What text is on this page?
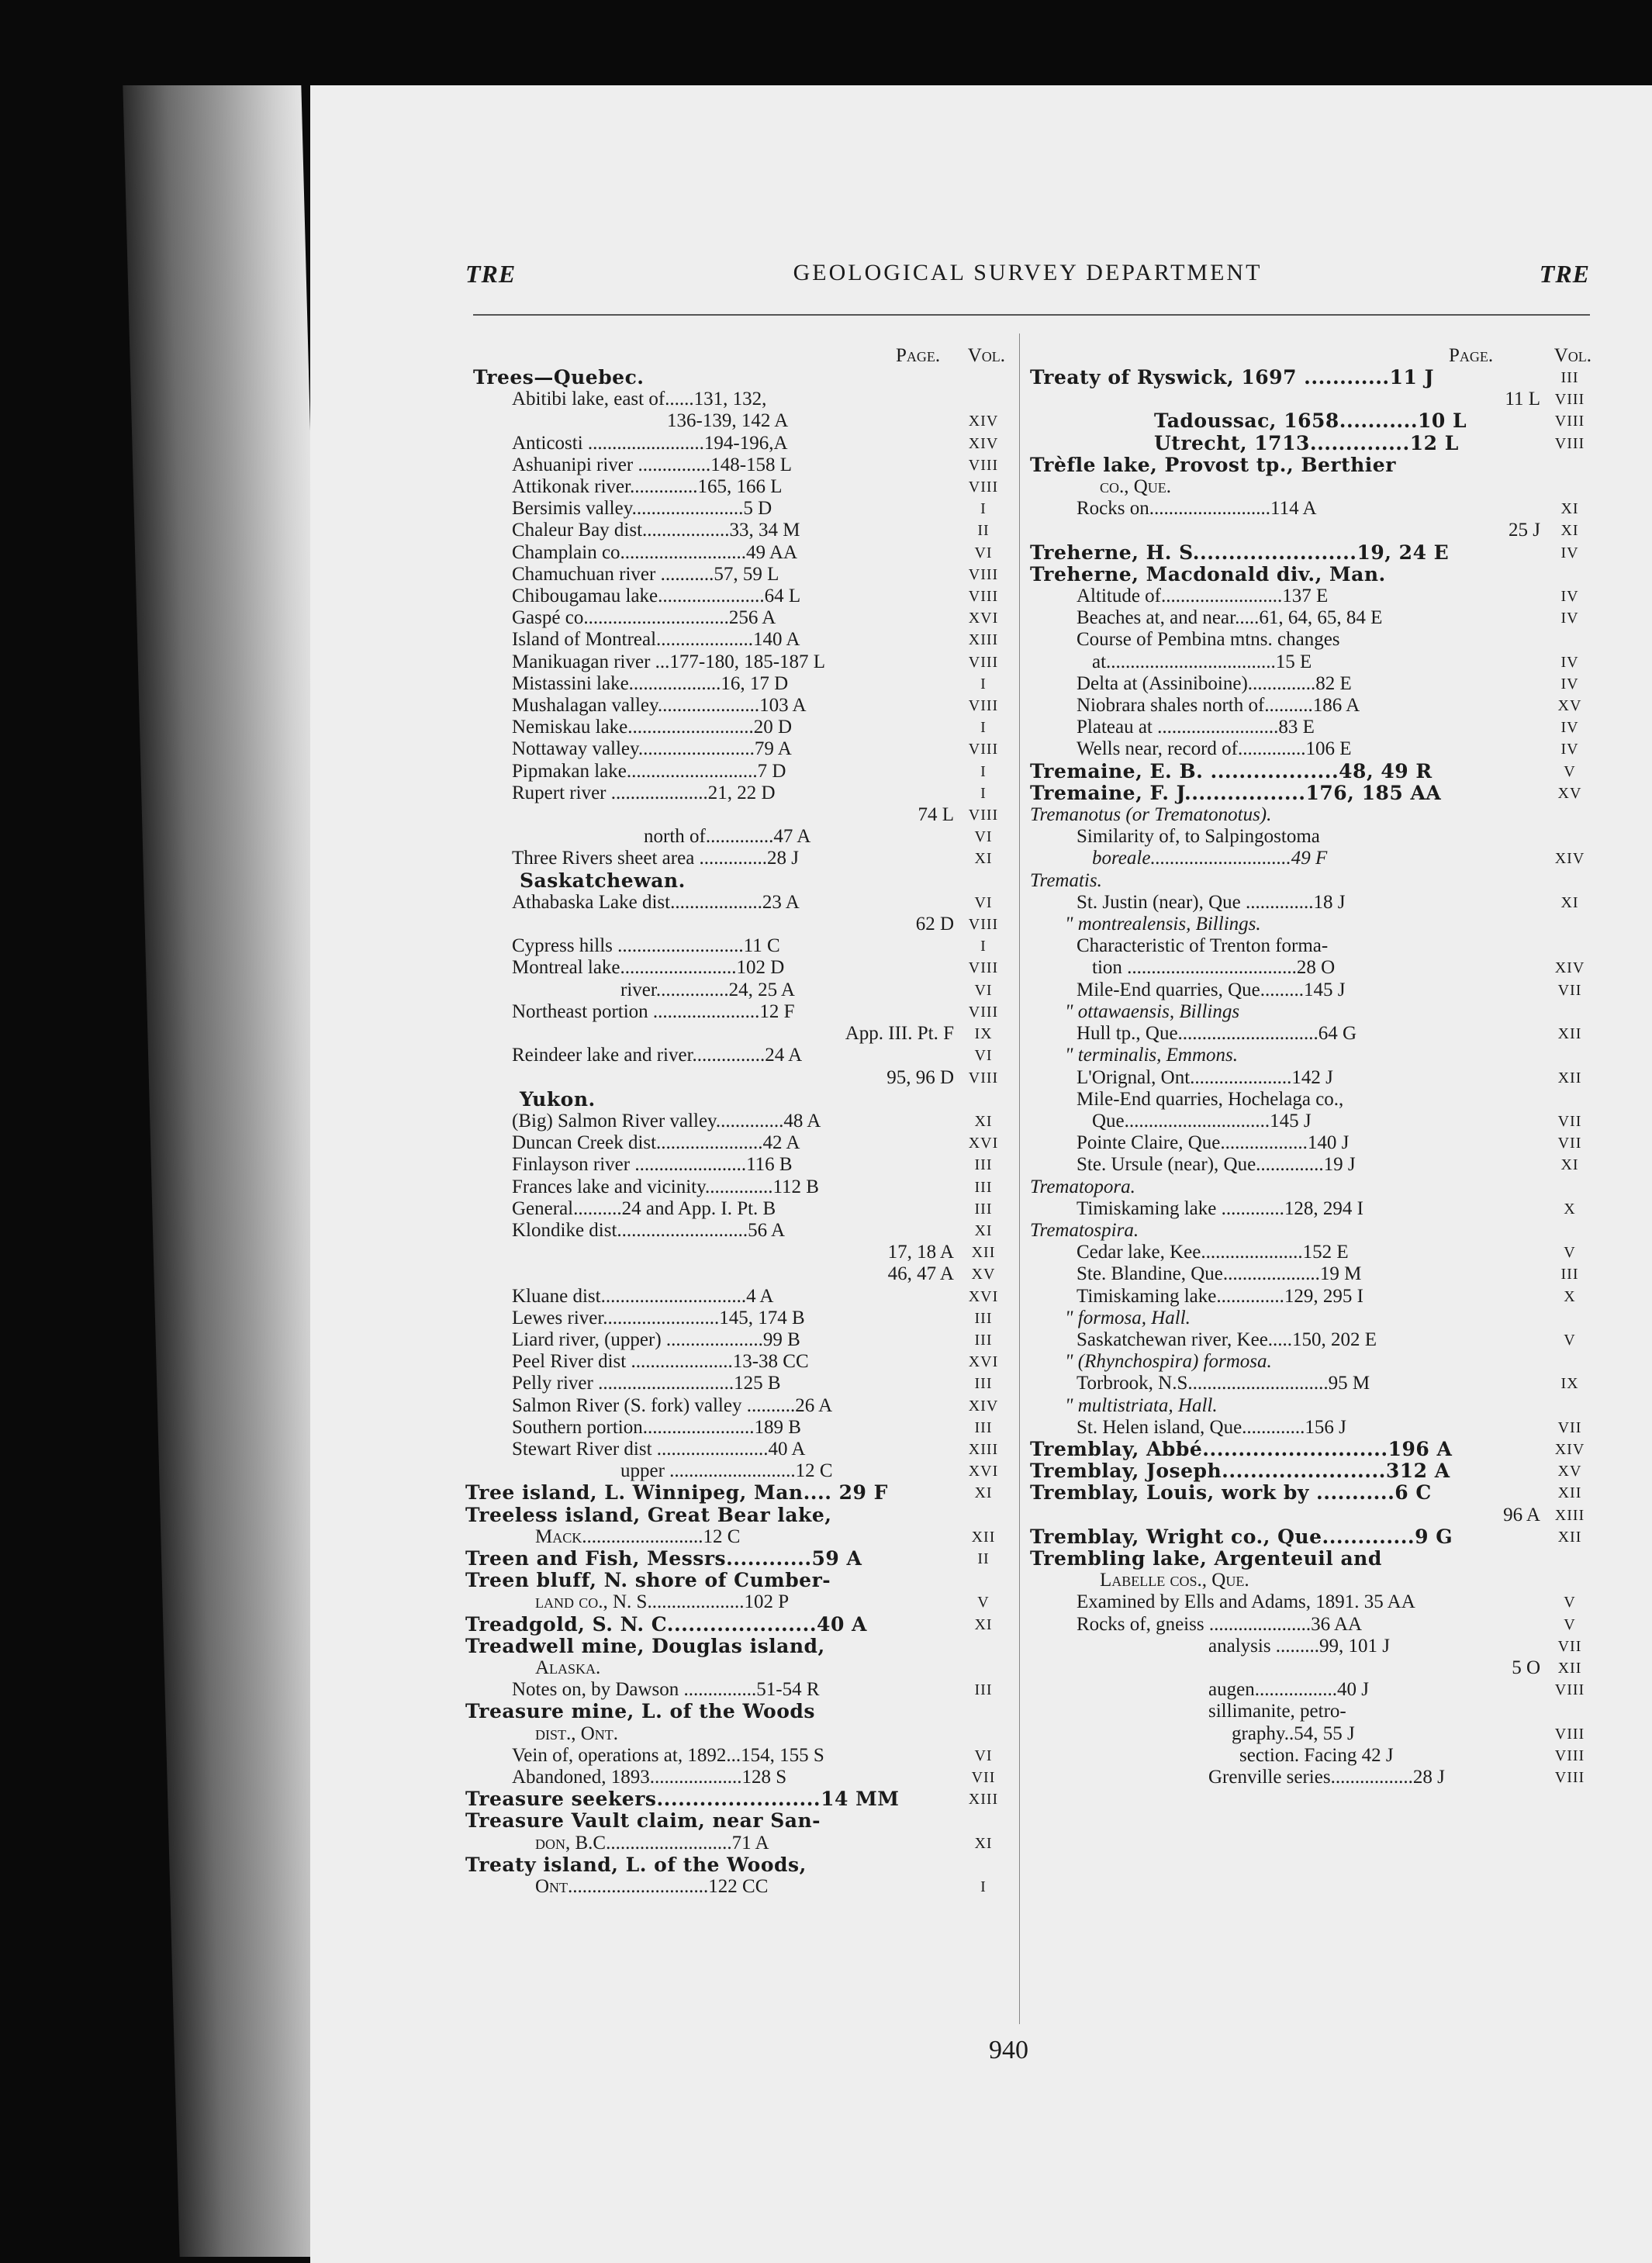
TRE	GEOLOGICAL SURVEY DEPARTMENT	TRE
Page. Vol.
Trees—Quebec.
Abitibi lake, east of......131, 132,
136-139, 142 A	XIV
Anticosti ........................194-196,A	XIV
Ashuanipi river ...............148-158 L	VIII
Attikonak river..............165, 166 L	VIII
Bersimis valley.......................5 D	I
Chaleur Bay dist..................33, 34 M	II
Champlain co..........................49 AA	VI
Chamuchuan river ...........57, 59 L	VIII
Chibougamau lake......................64 L	VIII
Gaspé co..............................256 A	XVI
Island of Montreal....................140 A	XIII
Manikuagan river ...177-180, 185-187 L	VIII
Mistassini lake...................16, 17 D	I
Mushalagan valley.....................103 A	VIII
Nemiskau lake..........................20 D	I
Nottaway valley........................79 A	VIII
Pipmakan lake...........................7 D	I
Rupert river ....................21, 22 D	I
74 L VIII
north of..............47 A	VI
Three Rivers sheet area ..............28 J	XI
Saskatchewan.
Athabaska Lake dist...................23 A	VI
62 D VIII
Cypress hills ..........................11 C	I
Montreal lake........................102 D	VIII
river...............24, 25 A	VI
Northeast portion ......................12 F	VIII
App. III. Pt. F	IX
Reindeer lake and river...............24 A	VI
95, 96 D VIII
Yukon.
(Big) Salmon River valley..............48 A	XI
Duncan Creek dist......................42 A	XVI
Finlayson river .......................116 B	III
Frances lake and vicinity..............112 B	III
General..........24 and App. I. Pt. B	III
Klondike dist...........................56 A	XI
17, 18 A	XII
46, 47 A	XV
Kluane dist..............................4 A	XVI
Lewes river........................145, 174 B	III
Liard river, (upper) ....................99 B	III
Peel River dist .....................13-38 CC	XVI
Pelly river ............................125 B	III
Salmon River (S. fork) valley ..........26 A	XIV
Southern portion.......................189 B	III
Stewart River dist .......................40 A	XIII
upper ..........................12 C	XVI
Tree island, L. Winnipeg, Man.... 29 F	XI
Treeless island, Great Bear lake,
Mack.........................12 C	XII
Treen and Fish, Messrs............59 A	II
Treen bluff, N. shore of Cumber-
land co., N. S....................102 P	V
Treadgold, S. N. C.....................40 A	XI
Treadwell mine, Douglas island,
Alaska.
Notes on, by Dawson ...............51-54 R	III
Treasure mine, L. of the Woods
dist., Ont.
Vein of, operations at, 1892...154, 155 S	VI
Abandoned, 1893...................128 S	VII
Treasure seekers.......................14 MM	XIII
Treasure Vault claim, near San-
don, B.C..........................71 A	XI
Treaty island, L. of the Woods,
Ont.............................122 CC	I
Page.	Vol.
Treaty of Ryswick, 1697 ............11 J	III
11 L VIII
Tadoussac, 1658...........10 L	VIII
Utrecht, 1713..............12 L	VIII
Trèfle lake, Provost tp., Berthier
co., Que.
Rocks on.........................114 A	XI
25 J	XI
Treherne, H. S.......................19, 24 E	IV
Treherne, Macdonald div., Man.
Altitude of.........................137 E	IV
Beaches at, and near.....61, 64, 65, 84 E	IV
Course of Pembina mtns. changes
at...................................15 E	IV
Delta at (Assiniboine)..............82 E	IV
Niobrara shales north of..........186 A	XV
Plateau at .........................83 E	IV
Wells near, record of..............106 E	IV
Tremaine, E. B. ..................48, 49 R	V
Tremaine, F. J.................176, 185 AA	XV
Tremanotus (or Trematonotus).
Similarity of, to Salpingostoma
boreale.............................49 F	XIV
Trematis.
St. Justin (near), Que ..............18 J	XI
" montrealensis, Billings.
Characteristic of Trenton forma-
tion ...................................28 O	XIV
Mile-End quarries, Que.........145 J	VII
" ottawaensis, Billings
Hull tp., Que.............................64 G	XII
" terminalis, Emmons.
L'Orignal, Ont.....................142 J	XII
Mile-End quarries, Hochelaga co.,
Que..............................145 J	VII
Pointe Claire, Que..................140 J	VII
Ste. Ursule (near), Que..............19 J	XI
Trematopora.
Timiskaming lake .............128, 294 I	X
Trematospira.
Cedar lake, Kee.....................152 E	V
Ste. Blandine, Que....................19 M	III
Timiskaming lake..............129, 295 I	X
" formosa, Hall.
Saskatchewan river, Kee.....150, 202 E	V
" (Rhynchospira) formosa.
Torbrook, N.S.............................95 M	IX
" multistriata, Hall.
St. Helen island, Que.............156 J	VII
Tremblay, Abbé..........................196 A	XIV
Tremblay, Joseph.......................312 A	XV
Tremblay, Louis, work by ...........6 C	XII
96 A XIII
Tremblay, Wright co., Que.............9 G	XII
Trembling lake, Argenteuil and
Labelle cos., Que.
Examined by Ells and Adams, 1891. 35 AA	V
Rocks of, gneiss .....................36 AA	V
analysis .........99, 101 J	VII
5 O	XII
augen.................40 J	VIII
sillimanite, petro-
graphy..54, 55 J	VIII
section. Facing 42 J	VIII
Grenville series.................28 J	VIII
940
